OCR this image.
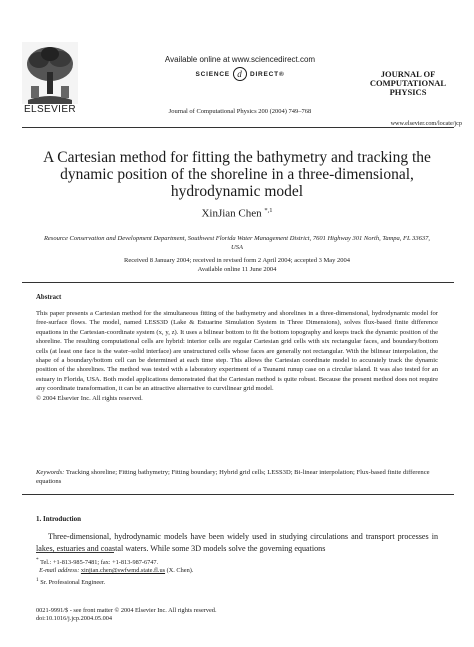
ELSEVIER
Available online at www.sciencedirect.com
SCIENCE d DIRECT®
Journal of Computational Physics 200 (2004) 749–768
JOURNAL OF COMPUTATIONAL PHYSICS
www.elsevier.com/locate/jcp
A Cartesian method for fitting the bathymetry and tracking the dynamic position of the shoreline in a three-dimensional, hydrodynamic model
XinJian Chen $^{*,1}$
Resource Conservation and Development Department, Southwest Florida Water Management District, 7601 Highway 301 North, Tampa, FL 33637, USA
Received 8 January 2004; received in revised form 2 April 2004; accepted 3 May 2004
Available online 11 June 2004
Abstract
This paper presents a Cartesian method for the simultaneous fitting of the bathymetry and shorelines in a three-dimensional, hydrodynamic model for free-surface flows. The model, named LESS3D (Lake & Estuarine Simulation System in Three Dimensions), solves flux-based finite difference equations in the Cartesian-coordinate system (x, y, z). It uses a bilinear bottom to fit the bottom topography and keeps track the dynamic position of the shoreline. The resulting computational cells are hybrid: interior cells are regular Cartesian grid cells with six rectangular faces, and boundary/bottom cells (at least one face is the water–solid interface) are unstructured cells whose faces are generally not rectangular. With the bilinear interpolation, the shape of a boundary/bottom cell can be determined at each time step. This allows the Cartesian coordinate model to accurately track the dynamic position of the shorelines. The method was tested with a laboratory experiment of a Tsunami runup case on a circular island. It was also tested for an estuary in Florida, USA. Both model applications demonstrated that the Cartesian method is quite robust. Because the present method does not require any coordinate transformation, it can be an attractive alternative to curvilinear grid model.
© 2004 Elsevier Inc. All rights reserved.
Keywords: Tracking shoreline; Fitting bathymetry; Fitting boundary; Hybrid grid cells; LESS3D; Bi-linear interpolation; Flux-based finite difference equations
1. Introduction
Three-dimensional, hydrodynamic models have been widely used in studying circulations and transport processes in lakes, estuaries and coastal waters. While some 3D models solve the governing equations
* Tel.: +1-813-985-7481; fax: +1-813-987-6747.
E-mail address: xinjian.chen@swfwmd.state.fl.us (X. Chen).
$^1$ Sr. Professional Engineer.
0021-9991/$ - see front matter © 2004 Elsevier Inc. All rights reserved.
doi:10.1016/j.jcp.2004.05.004
